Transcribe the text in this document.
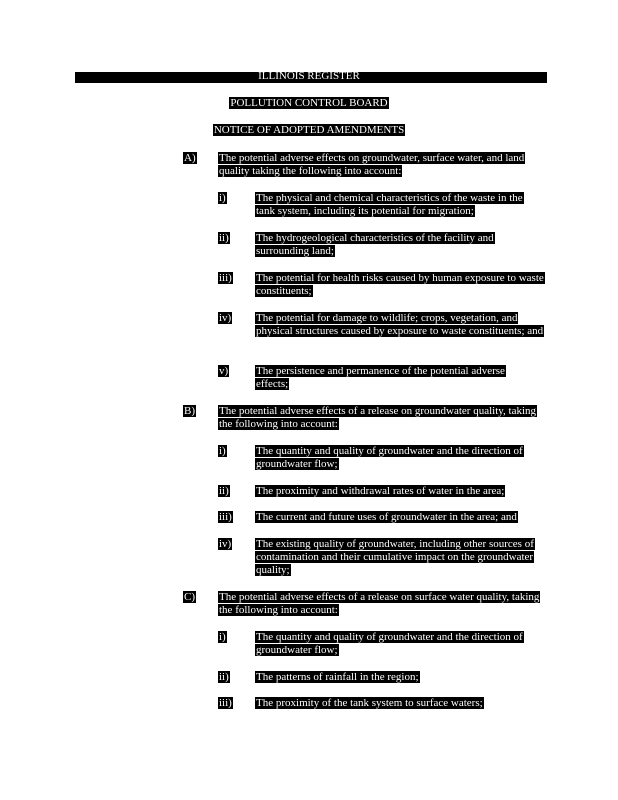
ILLINOIS REGISTER
POLLUTION CONTROL BOARD
NOTICE OF ADOPTED AMENDMENTS
A) The potential adverse effects on groundwater, surface water, and land quality taking the following into account:
i)	The physical and chemical characteristics of the waste in the tank system, including its potential for migration;
ii) The hydrogeological characteristics of the facility and surrounding land;
iii) The potential for health risks caused by human exposure to waste constituents;
iv) The potential for damage to wildlife; crops, vegetation, and physical structures caused by exposure to waste constituents; and
v)	The persistence and permanence of the potential adverse effects;
B) The potential adverse effects of a release on groundwater quality, taking the following into account:
i)	The quantity and quality of groundwater and the direction of groundwater flow;
ii) The proximity and withdrawal rates of water in the area;
iii) The current and future uses of groundwater in the area; and
iv) The existing quality of groundwater, including other sources of contamination and their cumulative impact on the groundwater quality;
C) The potential adverse effects of a release on surface water quality, taking the following into account:
i)	The quantity and quality of groundwater and the direction of groundwater flow;
ii) The patterns of rainfall in the region;
iii) The proximity of the tank system to surface waters;
